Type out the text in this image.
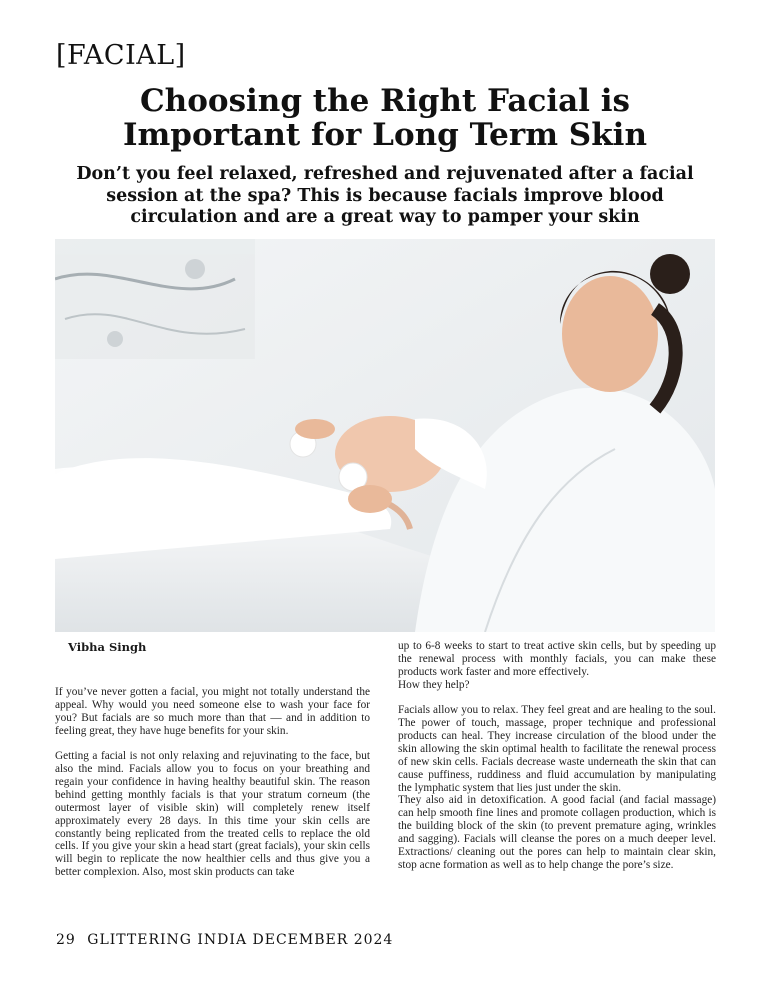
[FACIAL]
Choosing the Right Facial is
Important for Long Term Skin

Don’t you feel relaxed, refreshed and rejuvenated after a facial session at the spa? This is because facials improve blood circulation and are a great way to pamper your skin

Vibha Singh

If you’ve never gotten a facial, you might not totally understand the appeal. Why would you need someone else to wash your face for you? But facials are so much more than that — and in addition to feeling great, they have huge benefits for your skin.

Getting a facial is not only relaxing and rejuvinating to the face, but also the mind. Facials allow you to focus on your breathing and regain your confidence in having healthy beautiful skin. The reason behind getting monthly facials is that your stratum corneum (the outermost layer of visible skin) will completely renew itself approximately every 28 days. In this time your skin cells are constantly being replicated from the treated cells to replace the old cells. If you give your skin a head start (great facials), your skin cells will begin to replicate the now healthier cells and thus give you a better complexion. Also, most skin products can take

up to 6-8 weeks to start to treat active skin cells, but by speeding up the renewal process with monthly facials, you can make these products work faster and more effectively.

How they help?

Facials allow you to relax. They feel great and are healing to the soul. The power of touch, massage, proper technique and professional products can heal. They increase circulation of the blood under the skin allowing the skin optimal health to facilitate the renewal process of new skin cells. Facials decrease waste underneath the skin that can cause puffiness, ruddiness and fluid accumulation by manipulating the lymphatic system that lies just under the skin.

They also aid in detoxification. A good facial (and facial massage) can help smooth fine lines and promote collagen production, which is the building block of the skin (to prevent premature aging, wrinkles and sagging). Facials will cleanse the pores on a much deeper level. Extractions/ cleaning out the pores can help to maintain clear skin, stop acne formation as well as to help change the pore’s size.

29 GLITTERING INDIA DECEMBER 2024
